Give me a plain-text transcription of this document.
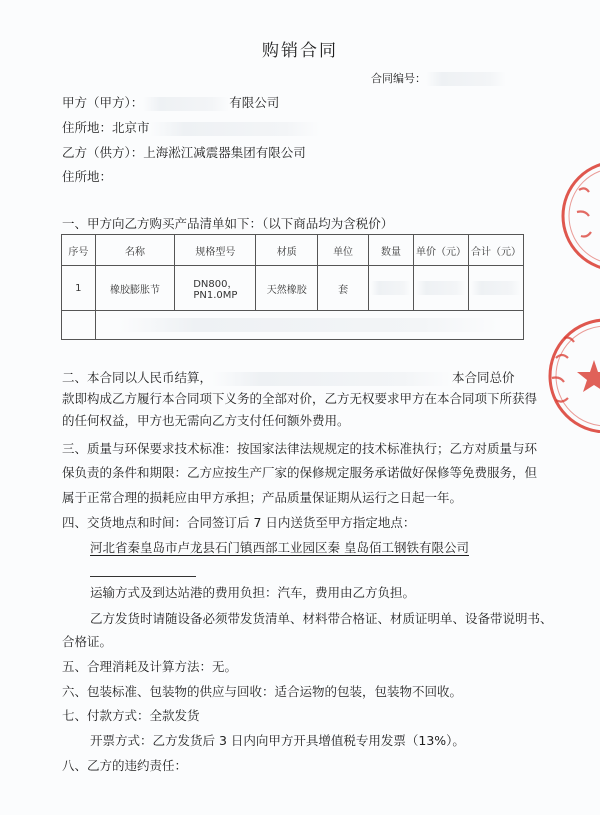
购销合同
合同编号：
甲方（甲方）：	有限公司
住所地：北京市
乙方（供方）：上海淞江减震器集团有限公司
住所地：
一、甲方向乙方购买产品清单如下：（以下商品均为含税价）
序号	名称	规格型号	材质	单位	数量	单价（元）	合计（元）
1	橡胶膨胀节	DN800，PN1.0MP	天然橡胶	套			

二、本合同以人民币结算，	本合同总价
款即构成乙方履行本合同项下义务的全部对价，乙方无权要求甲方在本合同项下所获得
的任何权益，甲方也无需向乙方支付任何额外费用。
三、质量与环保要求技术标准：按国家法律法规规定的技术标准执行；乙方对质量与环
保负责的条件和期限：乙方应按生产厂家的保修规定服务承诺做好保修等免费服务，但
属于正常合理的损耗应由甲方承担；产品质量保证期从运行之日起一年。
四、交货地点和时间：合同签订后 7 日内送货至甲方指定地点：
河北省秦皇岛市卢龙县石门镇西部工业园区秦 皇岛佰工钢铁有限公司
运输方式及到达站港的费用负担：汽车，费用由乙方负担。
乙方发货时请随设备必须带发货清单、材料带合格证、材质证明单、设备带说明书、
合格证。
五、合理消耗及计算方法：无。
六、包装标准、包装物的供应与回收：适合运物的包装，包装物不回收。
七、付款方式：全款发货
开票方式：乙方发货后 3 日内向甲方开具增值税专用发票（13%）。
八、乙方的违约责任：
